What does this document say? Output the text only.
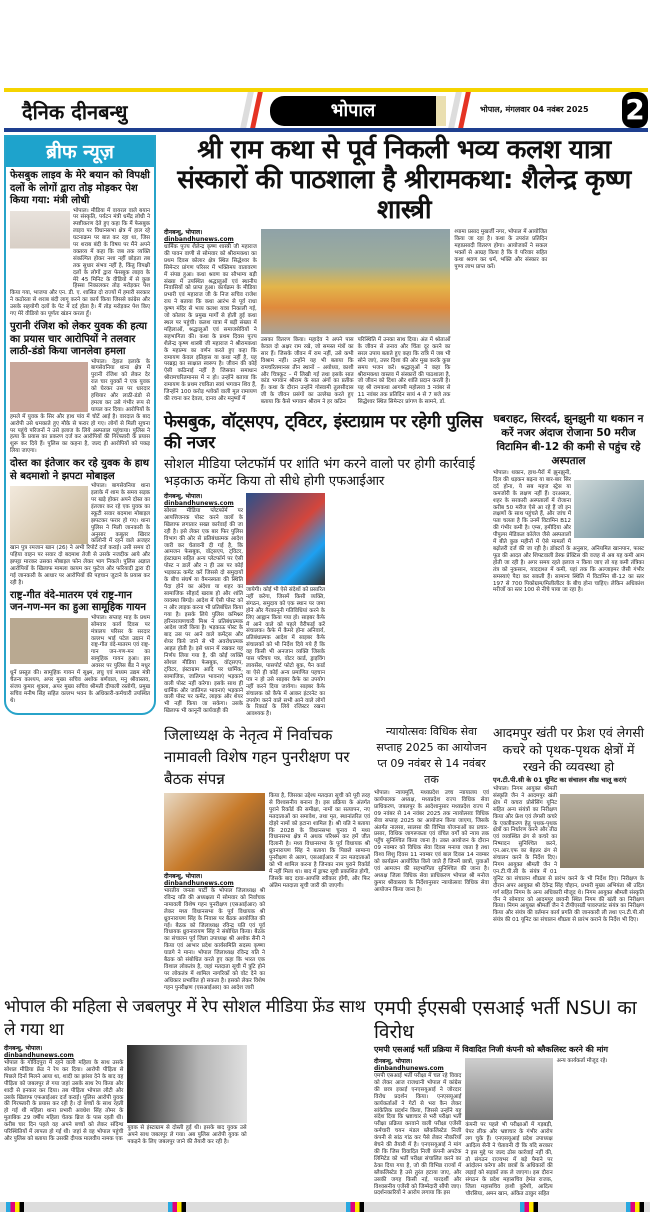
दैनिक दीनबन्धु	भोपाल	भोपाल, मंगलवार 04 नवंबर 2025 2
ब्रीफ न्यूज़
फेसबुक लाइव के मेरे बयान को विपक्षी दलों के लोगों द्वारा तोड़ मोड़कर पेश किया गया: मंत्री लोधी
भोपाल। मीडिया में वायरल वाले बयान पर संस्कृति, पर्यटन मंत्री धर्मेंद्र लोधी ने स्पष्टीकरण देते हुए कहा कि मैं फेसबुक लाइव पर विधानसभा क्षेत्र में हाल रहे घटनाक्रम पर बात कर रहा था, जिस पर शराब बंदी के विषय पर मैंने अपने वक्तव्य में कहा कि जब तक व्यक्ति संकल्पित होकर नशा नहीं छोड़ता तब तक सुधार संभव नहीं है, किंतु विपक्षी दलों के लोगों द्वारा फेसबुक लाइव के मेरे 45 मिनिट के वीडियो में से कुछ हिस्सा निकालकर तोड़ मरोड़कर पेश किया गया, भाजपा और एन. डी. ए. शासित दो राज्यों में हमारी सरकार ने कठोरता से शराब बंदी लागू करने का कार्य किया जिससे कांग्रेस और उसके सहयोगी दलों के पेट में दर्द होता है। मैं तोड़ मरोड़कर पेश किए गए मेरे वीडियो का पूर्णतः खंडन करता हूँ।
पुरानी रंजिश को लेकर युवक की हत्या का प्रयास चार आरोपियों ने तलवार लाठी-डंडो किया जानलेवा हमला
भोपाल। देहात इलाके के बागसेवनिया थाना क्षेत्र में पुरानी रंजिश को लेकर देर रात चार युवकों ने एक युवक को घेरकर उस पर धारदार हथियार और लाठी-डंडो से हमला कर उसे गंभीर रूप से घायल कर दिया। आरोपियों के हमले में युवक के सिर और हाथ पांव में चोटें आई है। वारदात के बाद आरोपी उसे धमकाते हुए मौके से फरार हो गए। लोगों से मिली सूचना पर पहुंचे परिजनों ने उसे इलाज के लिये अस्पताल पहुंचाया। पुलिस ने हत्या के प्रयास का प्रकरण दर्ज कर आरोपियों की गिरफ्तारी के प्रयास शुरू कर दिये हैं। पुलिस का कहना है, जल्द ही आरोपियों को पकड़ लिया जाएगा।
दोस्त का इंतेजार कर रहे युवक के हाथ से बदमाशो ने झपटा मोबाइल
भोपाल। बागसेवनिया थाना इलाके में शाम के समय सड़क पर खड़े होकर अपने दोस्त का इंतजार कर रहे एक युवक का स्कूटी सवार बदमाश मोबाइल झपटकर फरार हो गए। थाना पुलिस ने मिली जानकारी के अनुसार कबूतर खिरार कॉलोनी में रहने वाले अजहर खान पुत्र रमजान खान (26) ने अभी रिपोर्ट दर्ज कराई। उसी समय दो पहिया वाहन पर सवार दो बदमाश तेजी से उसके नजदीक आये और झपट्टा मारकर उसका मोबाइल फोन लेकर भाग निकले। पुलिस अज्ञात आरोपियों के खिलाफ मामला कायम कर फुटेज और फरियादी द्वारा दी गई जानकारी के आधार पर आरोपियों की पहचान जुटाने के प्रयास कर रही है।
राष्ट्र-गीत वंदे-मातरम एवं राष्ट्र-गान जन-गण-मन का हुआ सामूहिक गायन
भोपाल। सप्ताह माह के प्रथम सोमवार कार्य दिवस पर मंत्रालय परिसर के सरदार वल्लभ भाई पटेल उद्यान में राष्ट्र-गीत वंदे-मातरम एवं राष्ट्र-गान जन-गण-मन का सामूहिक गायन हुआ। इस अवसर पर पुलिस बैंड ने मधुर धुनें प्रस्तुत की। सामूहिक गायन में सूक्ष्म, लघु एवं मध्यम उद्यम मंत्री चैतन्य काश्यप, अपर मुख्य सचिव अशोक बर्णवाल, मनु श्रीवास्तव, संजय कुमार शुक्ला, अपर मुख्य सचिव श्रीमती दीपाली रस्तोगी, प्रमुख सचिव मनीष सिंह सहित वल्लभ भवन के अधिकारी-कर्मचारी उपस्थित थे।
श्री राम कथा से पूर्व निकली भव्य कलश यात्रा संस्कारों की पाठशाला है श्रीरामकथा: शैलेन्द्र कृष्ण शास्त्री
दीनबन्धु, भोपाल।
dinbandhunews.com
धार्मिक पूज्य शैलेन्द्र कृष्ण शास्त्री जी महाराज की पावन वाणी से सोमवार को श्रीरामकथा का प्रथम दिवस कोलार क्षेत्र स्थित सिद्धेश्वर के सिमेन्टर प्रांगण परिसर में भक्तिमय वातावरण में संपन्न हुआ। कथा श्रवण का सौभाग्य बड़ी संख्या में उपस्थित श्रद्धालुओं एवं स्थानीय निवासियों को प्राप्त हुआ। कार्यक्रम के मीडिया प्रभारी एवं महाराज जी के निज सचिव राजेश राय ने बताया कि कथा आरंभ से पूर्व राधा कृष्ण मंदिर से भव्य कलश यात्रा निकाली गई, जो कोलार के प्रमुख मार्गों से होती हुई कथा स्थल पर पहुंची। कलश यात्रा में बड़ी संख्या में महिलाओं, श्रद्धालुओं एवं समाजसेवियों ने सहभागिता की। कथा के प्रथम दिवस पूज्य शैलेन्द्र कृष्ण शास्त्री जी महाराज ने श्रीरामकथा के महात्म्य का वर्णन करते हुए कहा कि रामायण केवल इतिहास या कथा नहीं है, यह परब्रह्म का साक्षात स्वरूप है। जीवन की कोई ऐसी कठिनाई नहीं है जिसका समाधान श्रीरामचरितमानस में न हो। उन्होंने बताया कि रामायण के प्रथम रचयिता स्वयं भगवान शिव हैं, जिन्होंने 100 करोड़ श्लोकों वाली मूल रामायण की रचना कर देवता, दानव और मनुष्यों में
उसका वितरण किया। महादेव ने अपने पास केवल दो अक्षर राम रखे, जो समस्त मंत्रों का सार हैं। जिसके जीवन में राम नहीं, उसे कभी विश्राम नहीं। उन्होंने यह भी बताया कि रामचरितमानस तीन स्थानों – अयोध्या, काशी और चित्रकूट – में लिखी गई तथा इसके सात कांड भगवान श्रीराम के सात अंगों का प्रतीक हैं। कथा के दौरान उन्होंने गोस्वामी तुलसीदास जी के जीवन प्रसंगों का उल्लेख करते हुए बताया कि कैसे भगवान श्रीराम ने हर कठिन
परिस्थिति में उनका साथ दिया। अंत में श्रोताओं के जीवन से तनाव और चिंता दूर करने का सरल उपाय बताते हुए कहा कि रात्रि में जब भी सोने जाएं, उत्तर दिशा की ओर मुख करके कुछ समय भजन करें। श्रद्धालुओं ने कहा कि श्रीरामकथा वास्तव में संस्कारों की पाठशाला है, जो जीवन को दिशा और शांति प्रदान करती है। यह श्री रामकथा आगामी महोत्सव 3 नवंबर से 11 नवंबर तक प्रतिदिन सायं 4 से 7 बजे तक सिद्धेश्वर स्थित सिमेन्टर प्रांगण के सामने, डॉ.
श्यामा प्रसाद मुखर्जी नगर, भोपाल में आयोजित किया जा रहा है। कथा के उपरांत प्रतिदिन महाप्रसादी वितरण होगा। आयोजकों ने सकल भक्तों से आग्रह किया है कि वे परिवार सहित कथा श्रवण कर धर्म, भक्ति और संस्कार का पुण्य लाभ प्राप्त करें।
फेसबुक, वॉट्सएप, ट्विटर, इंस्टाग्राम पर रहेगी पुलिस की नजर
सोशल मीडिया प्लेटफॉर्म पर शांति भंग करने वालो पर होगी कार्रवाई भड़काऊ कमेंट किया तो सीधे होगी एफआईआर
दीनबन्धु, भोपाल।
dinbandhunews.com
सोशल मीडिया प्लेटफॉर्म पर आपत्तिजनक पोस्ट करने वालों के खिलाफ लगातार सख्त कार्रवाई की जा रही है। इसे लेकर एक बार फिर पुलिस विभाग की ओर से प्रतिबंधात्मक आदेश जारी कर चेतावनी दी गई है, कि आमजन फेसबुक, वॉट्सएप, ट्विटर, इंस्टाग्राम सहित अन्य प्लेटफॉर्म पर ऐसी पोस्ट न डालें और न ही उस पर कोई भड़काऊ कमेंट करें जिससे दो समुदायों के बीच संघर्ष या वैमनस्यता की स्थिति पैदा होने का अंदेशा या शहर का सामाजिक सौहार्द खराब हो और शांति व्यवस्था बिगड़े। आदेश में ऐसी पोस्ट को न और लाइक करना भी प्रतिबंधित किया गया है। इसके लिये पुलिस कमिश्नर हरिनारायणचारी मिश्र ने प्रतिबंधात्मक आदेश जारी किया है। भड़काऊ पोस्ट के बाद उस पर आने वाले कमेंट्स और शेयर किये जाने से भी अवरोधात्मक आहत होती है। इसे ध्यान में रखकर यह निर्णय लिया गया है, की कोई व्यक्ति सोशल मीडिया फेसबुक, वॉट्सएप, ट्विटर, इंस्टाग्राम आदि पर धार्मिक, सामाजिक, जातिगत भावनाएं भड़काने वाली पोस्ट नहीं करेगा। इसके साथ ही धार्मिक और जातिगत भावनाएं भड़काने वाली पोस्ट पर कमेंट, लाइक और शेयर भी नहीं किया जा सकेगा। उसके खिलाफ भी कानूनी कार्यवाही की
जायेगी। कोई भी ऐसे संदेशों को प्रसारित नहीं करेगा, जिसमें किसी व्यक्ति, संगठन, समुदाय को एक स्थान पर जमा होने और गैरकानूनी गतिविधियां करने के लिए आह्वान किया गया हो। साइबर कैफे में आने वाले को पहले वैरीफाई करें संचालक। कैफे में कैमरे होना अनिवार्य, प्रतिबंधात्मक आदेश में साइबर कैफे संचालकों को भी निर्देश दिये गये हैं कि वह किसी भी अनजान व्यक्ति जिसके पास परिचय पत्र, वोटर कार्ड, ड्राइविंग लायसेंस, पासपोर्ट फोटो बुक, पैन कार्ड या ऐसे ही कोई अन्य प्रमाणित पहचान पत्र न हो उसे साइबर कैफे का उपयोग नहीं करने दिया जायेगा। साइबर कैफे संचालक को कैफे में आकर इंटरनेट का उपयोग करने वाले सभी आने वाले लोगों के रिकार्ड के लिये रजिस्टर रखना आवश्यक है।
घबराहट, सिरदर्द, झुनझुनी या थकान न करें नजर अंदाज रोजाना 50 मरीज विटामिन बी-12 की कमी से पहुंच रहे अस्पताल
भोपाल। थकान, हाथ-पैरों में झुनझुनी, दिल की धड़कन बढ़ना या बार-बार सिर दर्द होना, ये सब महज स्ट्रेस या कमजोरी के लक्षण नहीं हैं। दरअसल, शहर के सरकारी अस्पतालों में रोजाना करीब 50 मरीज ऐसे आ रहे हैं जो इन लक्षणों के साथ पहुंचते हैं, और जांच में पता चलता है कि उनमें विटामिन B12 की गंभीर कमी है। एम्स, हमीदिया और पीपुल्स मेडिकल कॉलेज जैसे अस्पतालों में बीते कुछ महीनों में ऐसे मामलों में बढ़ोतरी दर्ज की जा रही है। डॉक्टरों के अनुसार, अनियमित खानपान, फास्ट फूड की आदत और शिफ्टवाली डेस्क प्रेक्टिस की वजह से अब यह कमी आम होती जा रही है। अगर समय रहते इलाज न किया जाए तो यह कमी तंत्रिका तंत्र को नुकसान, याददाश्त में कमी, यहां तक कि अल्जाइमर जैसी गंभीर समस्याएं पैदा कर सकती हैं। सामान्य स्थिति में विटामिन बी-12 का स्तर 197 से 700 पिकोग्राम/मिलीलीटर के बीच होना चाहिए। लेकिन अधिकांश मरीजों का स्तर 100 से नीचे पाया जा रहा है।
जिलाध्यक्ष के नेतृत्व में निर्वाचक नामावली विशेष गहन पुनरीक्षण पर बैठक संपन्न
दीनबन्धु, भोपाल।
dinbandhunews.com
भारतीय जनता पार्टी के भोपाल जिलाध्यक्ष श्री रविन्द्र यति की अध्यक्षता में सोमवार को निर्वाचक नामावली विशेष गहन पुनरीक्षण (एसआईआर) को लेकर मध्य विधानसभा के पूर्व विधायक श्री ध्रुवनारायण सिंह के निवास पर बैठक आयोजित की गई। बैठक को जिलाध्यक्ष रविन्द्र यति एवं पूर्व विधायक ध्रुवनारायण सिंह ने संबोधित किया। बैठक का संचालन पूर्व जिला उपाध्यक्ष श्री अशोक सैनी ने किया एवं आभार प्रदेश कार्यसमिति सदस्य कृष्णा घाडगे ने माना। भोपाल जिलाध्यक्ष रविन्द्र यति ने बैठक को संबोधित करते हुए कहा कि भारत एक विशाल लोकतंत्र है, जहां मतदाता सूची में त्रुटि होने पर लोकतंत्र में शामिल नागरिकों को वोट देने का अधिकार प्रभावित हो सकता है। इसको लेकर विशेष गहन पुनरीक्षण (एसआईआर) का आदेश जारी
किया है, जिसका उद्देश्य मतदाता सूची को पूरी तरह से विश्वसनीय बनाना है। इस प्रक्रिया के अंतर्गत पुराने रिकॉर्ड की समीक्षा, नामों का सत्यापन, नए मतदाताओं का समावेश, तथा मृत, स्थानांतरित एवं दोहरे नामों को हटाना शामिल है। श्री यति ने बताया कि 2028 के विधानसभा चुनाव में मध्य विधानसभा क्षेत्र में अथक परिश्रम कर हमें जीत दिलानी है। मध्य विधानसभा के पूर्व विधायक श्री ध्रुवनारायण सिंह ने बताया कि पिछले सामान्य पुनरीक्षण से अलग, एसआईआर में उन मतदाताओं को भी शामिल करना है जिनका नाम पुराने रिकॉर्ड में नहीं मिला था। बाद में ड्राफ्ट सूची प्रकाशित होगी, जिसके बाद दावा-आपत्ति स्वीकार होंगी, और फिर अंतिम मतदाता सूची जारी की जाएगी।
न्यायोत्सवः विधिक सेवा सप्ताह 2025 का आयोजन प्त 09 नवंबर से 14 नवंबर तक
भोपाल। न्यायमूर्ति, मध्यप्रदेश उच्च न्यायालय एवं कार्यपालक अध्यक्ष, मध्यप्रदेश राज्य विधिक सेवा प्राधिकरण, जबलपुर के आदेशानुसार मध्यप्रदेश राज्य में 09 नवंबर से 14 नवंबर 2025 तक न्यायोत्सवः विधिक सेवा सप्ताह 2025 का आयोजन किया जाएगा, जिसके अंतर्गत नालसा, सालसा की विभिन्न योजनाओं का प्रचार-प्रसार, विधिक जागरूकता एवं वंचित वर्गों को न्याय तक पहुँच सुनिश्चित किया जाना है। उक्त आयोजन के दौरान 09 नवम्बर को विधिक सेवा दिवस मनाया जाता है तथा विश्व शिशु दिवस 11 नवम्बर एवं बाल दिवस 14 नवम्बर को कार्यक्रम आयोजित किये जाते हैं जिनमें छात्रों, युवाओं एवं आमजन की सहभागिता सुनिश्चित की जाना है। अध्यक्ष जिला विधिक सेवा प्राधिकरण भोपाल श्री मनोज कुमार श्रीवास्तव के निर्देशानुसार न्यायोत्सवः विधिक सेवा आयोजन किया जाना है।
आदमपुर खंती पर फ्रेश एवं लेगसी कचरे को पृथक-पृथक क्षेत्रों में रखने की व्यवस्था हो
एन.टी.पी.सी के 01 यूनिट का संचालन शीघ्र चालू कराएं
भोपाल। निगम आयुक्त श्रीमती संस्कृति जैन ने आदमपुर खंती क्षेत्र में कचरा प्रोसेसिंग यूनिट सहित अन्य संयंत्रों का निरीक्षण किया और फ्रेश एवं लेगसी कचरे के एकत्रीकरण हेतु पृथक-पृथक क्षेत्रों का निर्धारण करने और तीव्र एवं व्यवस्थित ढंग से कचरे का निष्पादन सुनिश्चित करने, एन.आर.एफ का बेहतर ढंग से संचालन करने के निर्देश दिए। निगम आयुक्त श्रीमती जैन ने एन.टी.पी.सी के संयंत्र में 01 यूनिट का संचालन शीघ्रता से प्रारंभ करने के भी निर्देश दिए। निरीक्षण के दौरान अपर आयुक्त श्री देवेन्द्र सिंह चौहान, प्रभारी मुख्य अभियंता श्री उदित गर्ग सहित निगम के अन्य अधिकारी मौजूद थे। निगम आयुक्त श्रीमती संस्कृति जैन ने सोमवार को आदमपुर छावनी स्थित निगम की खंती का निरीक्षण किया। निगम आयुक्त श्रीमती जैन ने टीपीएसडी पावरप्लांट संयंत्र का निरीक्षण किया और संयंत्र की वर्तमान कार्य प्रगति की जानकारी ली तथा एन.टी.पी.सी संयंत्र की 01 यूनिट का संचालन शीघ्रता से प्रारंभ कराने के निर्देश भी दिए।
भोपाल की महिला से जबलपुर में रेप सोशल मीडिया फ्रेंड साथ ले गया था
दीनबन्धु, भोपाल।
dinbandhunews.com
भोपाल के गोविंदपुरा में रहने वाली महिला के साथ उसके सोशल मीडिया फ्रेंड ने रेप कर दिया। आरोपी पीड़िता से पिछले दिनों मिलने आया था, शादी का झांसा देने के बाद वह पीड़िता को जबलपुर ले गया जहां उसके साथ रेप किया और शादी से इनकार कर दिया। तब पीड़िता भोपाल लौटी और उसके खिलाफ एफआईआर दर्ज कराई। पुलिस आरोपी युवक की गिरफ्तारी के प्रयास कर रही है। दो बच्चों के साथ रहती हो गई थी महिला थाना प्रभारी अवधेश सिंह तोमर के मुताबिक 29 वर्षीय महिला चेतक ब्रिज के पास रहती थी। करीब चार दिन पहले वह अपने बच्चों को लेकर संदिग्ध परिस्थितियों में लापता हो गई थी। जहां से वह भोपाल पहुंची और पुलिस को बताया कि उसकी दीपक मालवीय नामक एक
युवक से इंस्टाग्राम से दोस्ती हुई थी। इसके बाद युवक उसे अपने साथ जबलपुर ले गया। अब पुलिस आरोपी युवक को पकड़ने के लिए जबलपुर जाने की तैयारी कर रही है।
एमपी ईएसबी एसआई भर्ती NSUI का विरोध
एमपी एसआई भर्ती प्रक्रिया में विवादित निजी कंपनी को ब्लैकलिस्ट करने की मांग
दीनबन्धु, भोपाल।
dinbandhunews.com
एमपी एसआई भर्ती परीक्षा में चल रहे विवाद को लेकर आज राजधानी भोपाल में कांग्रेस की छात्र इकाई एनएसयूआई ने जोरदार विरोध प्रदर्शन किया। एनएसयूआई कार्यकर्ताओं ने गेटों से भरा कैन लेकर सांकेतिक प्रदर्शन किया, जिससे उन्होंने यह संदेश दिया कि भ्रष्टाचार से भरी परीक्षा भर्ती परीक्षा प्रक्रिया करवाने वाली परीक्षा एजेंसी कर्मचारी चयन मंडल ब्लैकलिस्टेड निजी कंपनी से सांठ गांठ कर पैसे लेकर नौकरियाँ बेचने की तैयारी में है। एनएसयूआई ने मांग की कि जिस विवादित निजी कंपनी अपटेक लिमिटेड को भर्ती परीक्षा संचालित करने का ठेका दिया गया है, जो की विभिन्न राज्यों में ब्लैकलिस्टेड है उसे तुरंत हटाया जाए, और उसकी जगह किसी नई, पारदर्शी और विश्वसनीय एजेंसी को जिम्मेदारी सौंपी जाए। प्रदर्शनकारियों ने आरोप लगाया कि इस
कंपनी पर पहले भी परीक्षाओं में गड़बड़ी, पेपर लीक और भ्रष्टाचार के गंभीर आरोप लग चुके हैं। एनएसयूआई प्रदेश उपाध्यक्ष आदित्य सैनी ने चेतावनी दी कि यदि सरकार ने इस मुद्दे पर जल्द ठोस कार्रवाई नहीं की, तो संगठन राज्यभर में बड़े पैमाने पर आंदोलन करेगा और छात्रों के अधिकारों की लड़ाई को सड़कों तक ले जाएगा। इस दौरान संगठन के प्रदेश महासचिव हेमंत राजक, जिला महासचिव हाशी कुरैशी, आदित्य चौरसिया, अमन खान, अंकित ठाकुर सहित
अन्य कार्यकर्ता मौजूद रहे।
